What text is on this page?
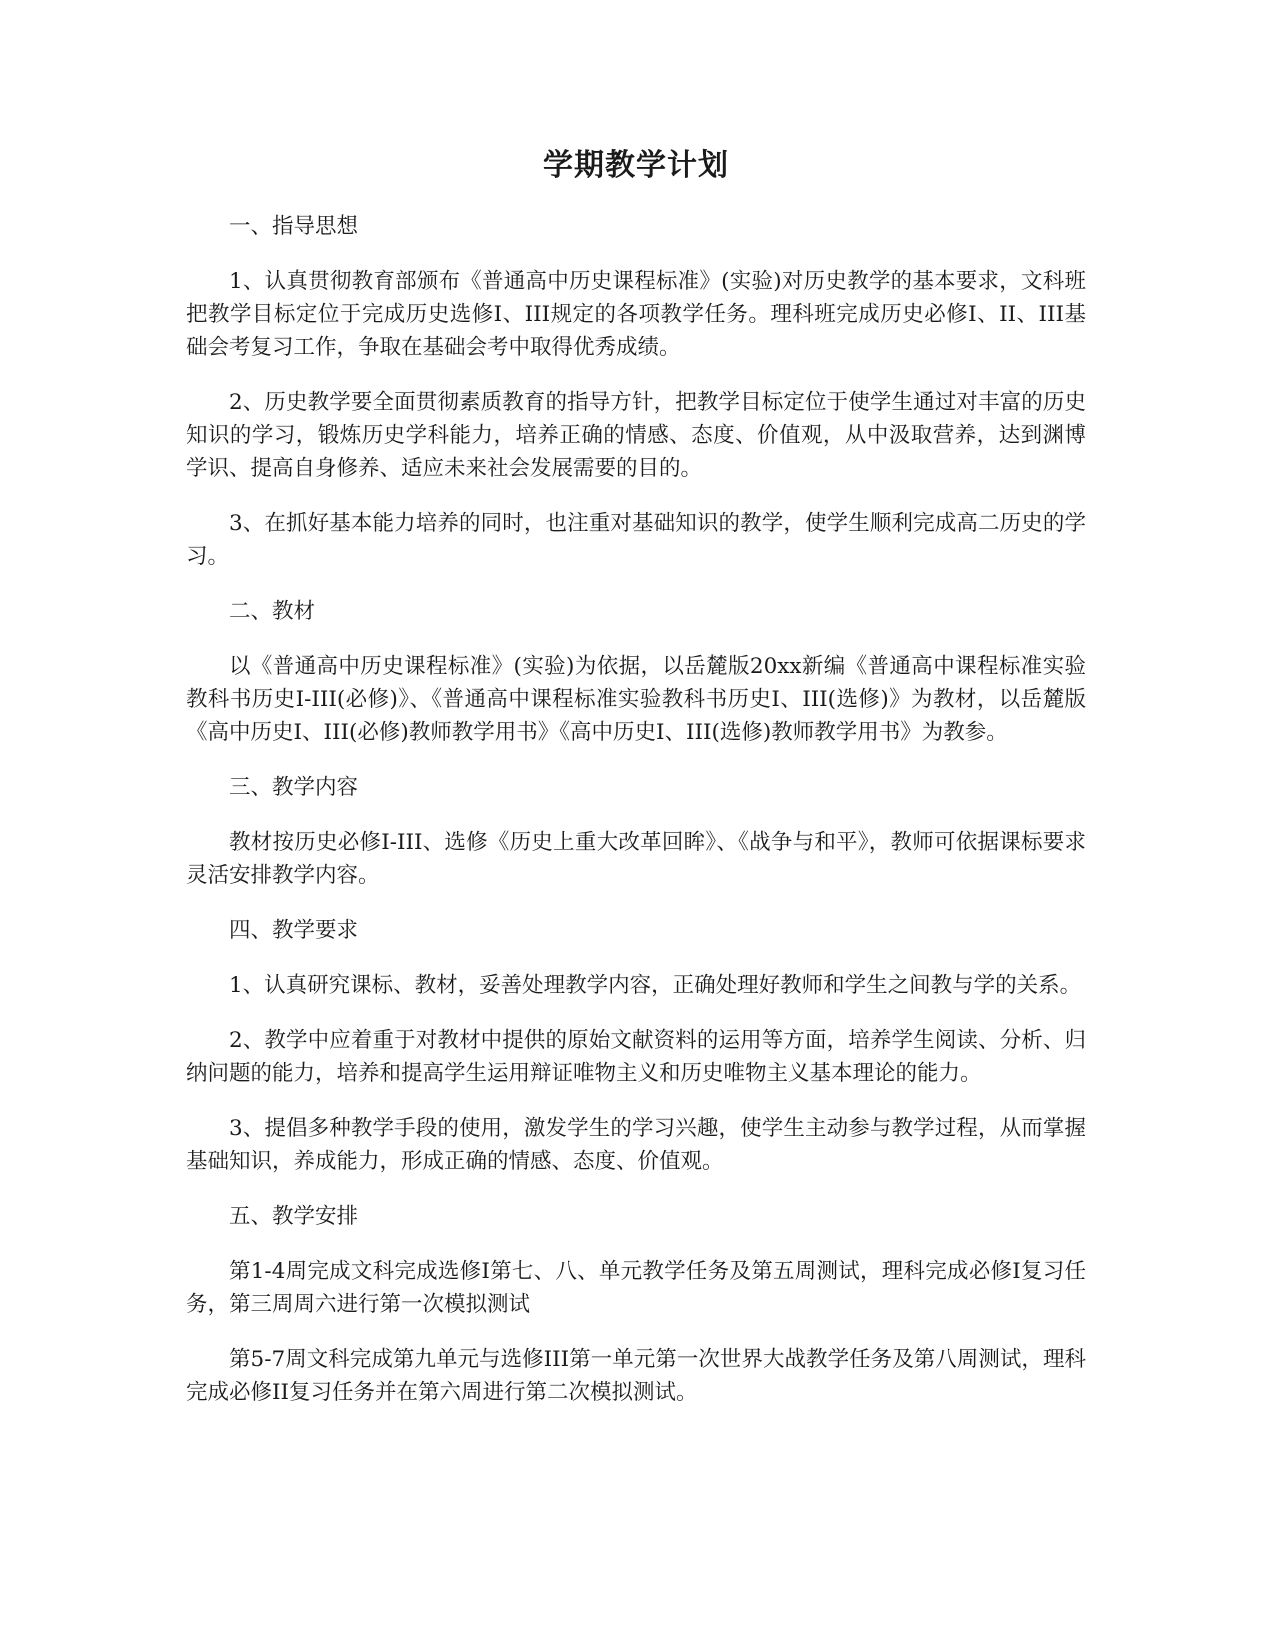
学期教学计划

一、指导思想

1、认真贯彻教育部颁布《普通高中历史课程标准》(实验)对历史教学的基本要求，文科班把教学目标定位于完成历史选修I、III规定的各项教学任务。理科班完成历史必修I、II、III基础会考复习工作，争取在基础会考中取得优秀成绩。

2、历史教学要全面贯彻素质教育的指导方针，把教学目标定位于使学生通过对丰富的历史知识的学习，锻炼历史学科能力，培养正确的情感、态度、价值观，从中汲取营养，达到渊博学识、提高自身修养、适应未来社会发展需要的目的。

3、在抓好基本能力培养的同时，也注重对基础知识的教学，使学生顺利完成高二历史的学习。

二、教材

以《普通高中历史课程标准》(实验)为依据，以岳麓版20xx新编《普通高中课程标准实验教科书历史I-III(必修)》、《普通高中课程标准实验教科书历史I、III(选修)》为教材，以岳麓版《高中历史I、III(必修)教师教学用书》《高中历史I、III(选修)教师教学用书》为教参。

三、教学内容

教材按历史必修I-III、选修《历史上重大改革回眸》、《战争与和平》，教师可依据课标要求灵活安排教学内容。

四、教学要求

1、认真研究课标、教材，妥善处理教学内容，正确处理好教师和学生之间教与学的关系。

2、教学中应着重于对教材中提供的原始文献资料的运用等方面，培养学生阅读、分析、归纳问题的能力，培养和提高学生运用辩证唯物主义和历史唯物主义基本理论的能力。

3、提倡多种教学手段的使用，激发学生的学习兴趣，使学生主动参与教学过程，从而掌握基础知识，养成能力，形成正确的情感、态度、价值观。

五、教学安排

第1-4周完成文科完成选修I第七、八、单元教学任务及第五周测试，理科完成必修I复习任务，第三周周六进行第一次模拟测试

第5-7周文科完成第九单元与选修III第一单元第一次世界大战教学任务及第八周测试，理科完成必修II复习任务并在第六周进行第二次模拟测试。
